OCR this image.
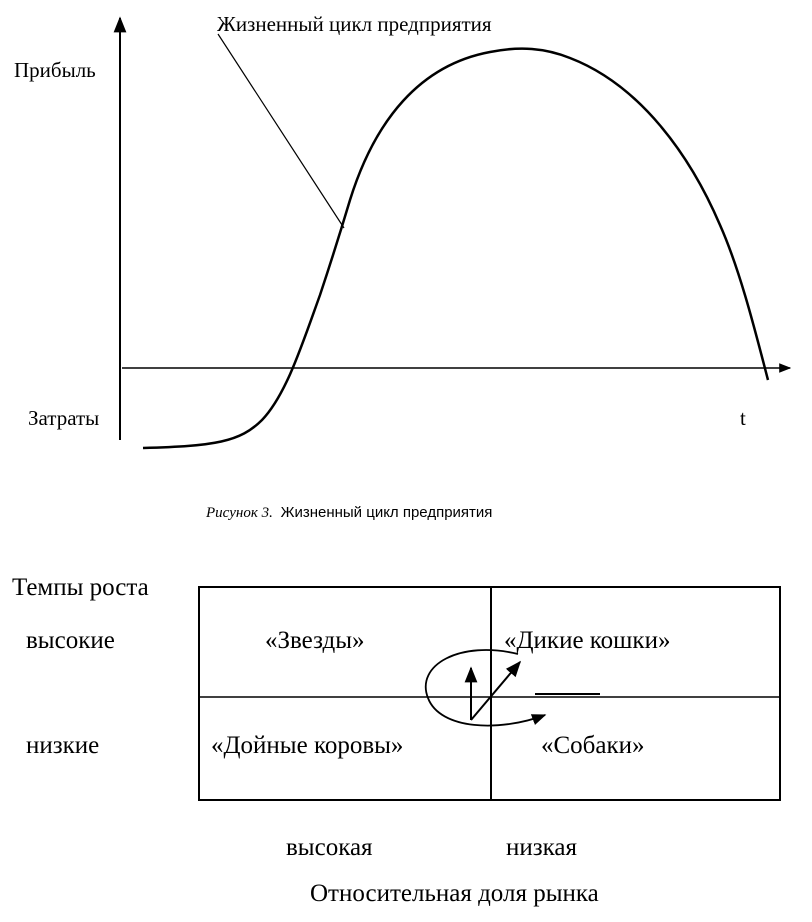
Жизненный цикл предприятия
Прибыль
Затраты	t
Рисунок 3. Жизненный цикл предприятия
Темпы роста
высокие
низкие
«Звезды»	«Дикие кошки»
«Дойные коровы»	«Собаки»
высокая	низкая
Относительная доля рынка
